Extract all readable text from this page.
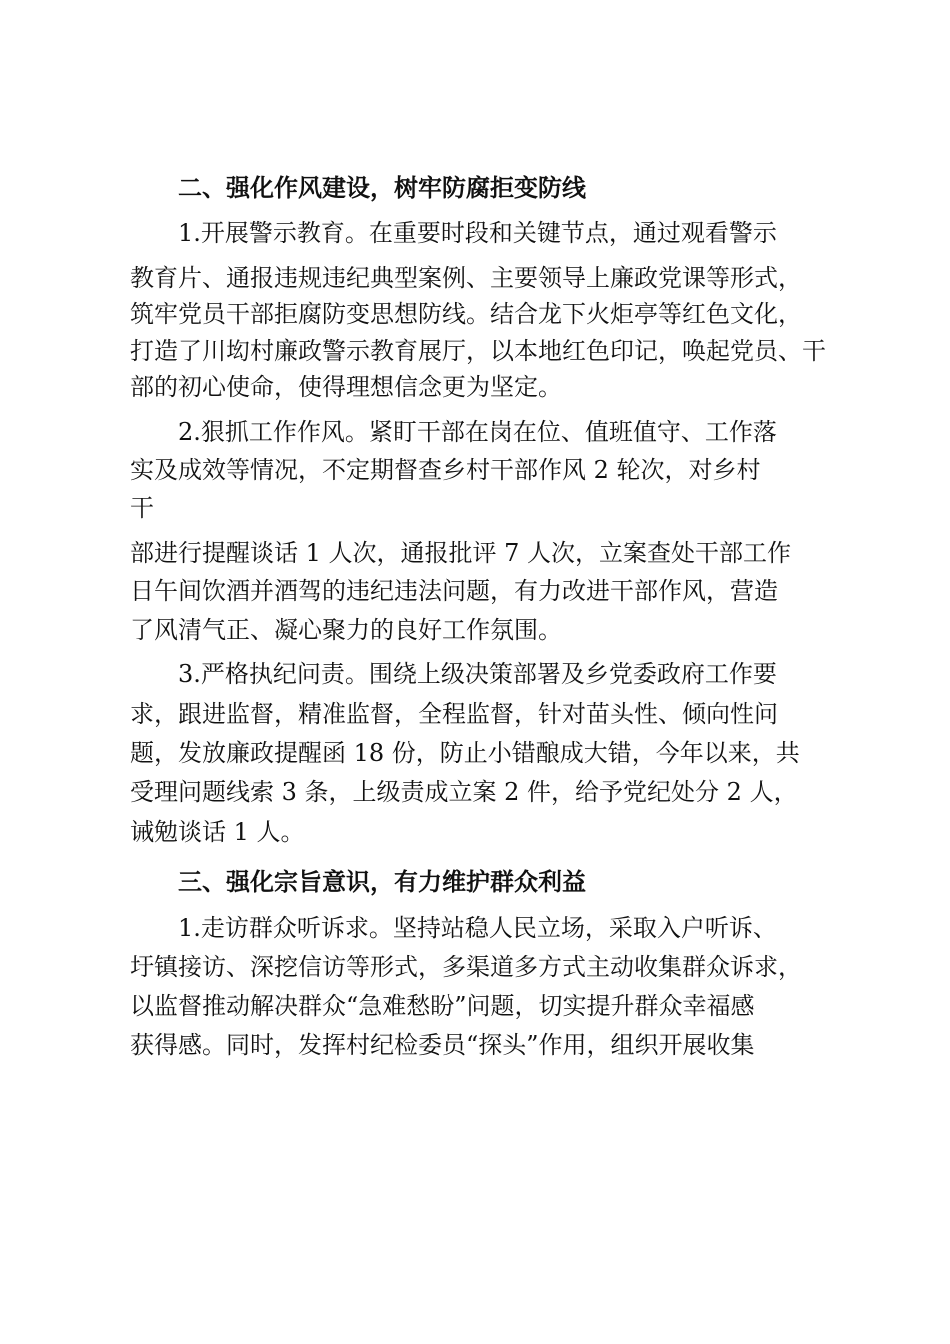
二、强化作风建设，树牢防腐拒变防线
1.开展警示教育。在重要时段和关键节点，通过观看警示
教育片、通报违规违纪典型案例、主要领导上廉政党课等形式，
筑牢党员干部拒腐防变思想防线。结合龙下火炬亭等红色文化，
打造了川㘭村廉政警示教育展厅，以本地红色印记，唤起党员、干
部的初心使命，使得理想信念更为坚定。
2.狠抓工作作风。紧盯干部在岗在位、值班值守、工作落
实及成效等情况，不定期督查乡村干部作风 2 轮次，对乡村
干
部进行提醒谈话 1 人次，通报批评 7 人次，立案查处干部工作
日午间饮酒并酒驾的违纪违法问题，有力改进干部作风，营造
了风清气正、凝心聚力的良好工作氛围。
3.严格执纪问责。围绕上级决策部署及乡党委政府工作要
求，跟进监督，精准监督，全程监督，针对苗头性、倾向性问
题，发放廉政提醒函 18 份，防止小错酿成大错，今年以来，共
受理问题线索 3 条，上级责成立案 2 件，给予党纪处分 2 人，
诫勉谈话 1 人。
三、强化宗旨意识，有力维护群众利益
1.走访群众听诉求。坚持站稳人民立场，采取入户听诉、
圩镇接访、深挖信访等形式，多渠道多方式主动收集群众诉求，
以监督推动解决群众“急难愁盼”问题，切实提升群众幸福感
获得感。同时，发挥村纪检委员“探头”作用，组织开展收集
